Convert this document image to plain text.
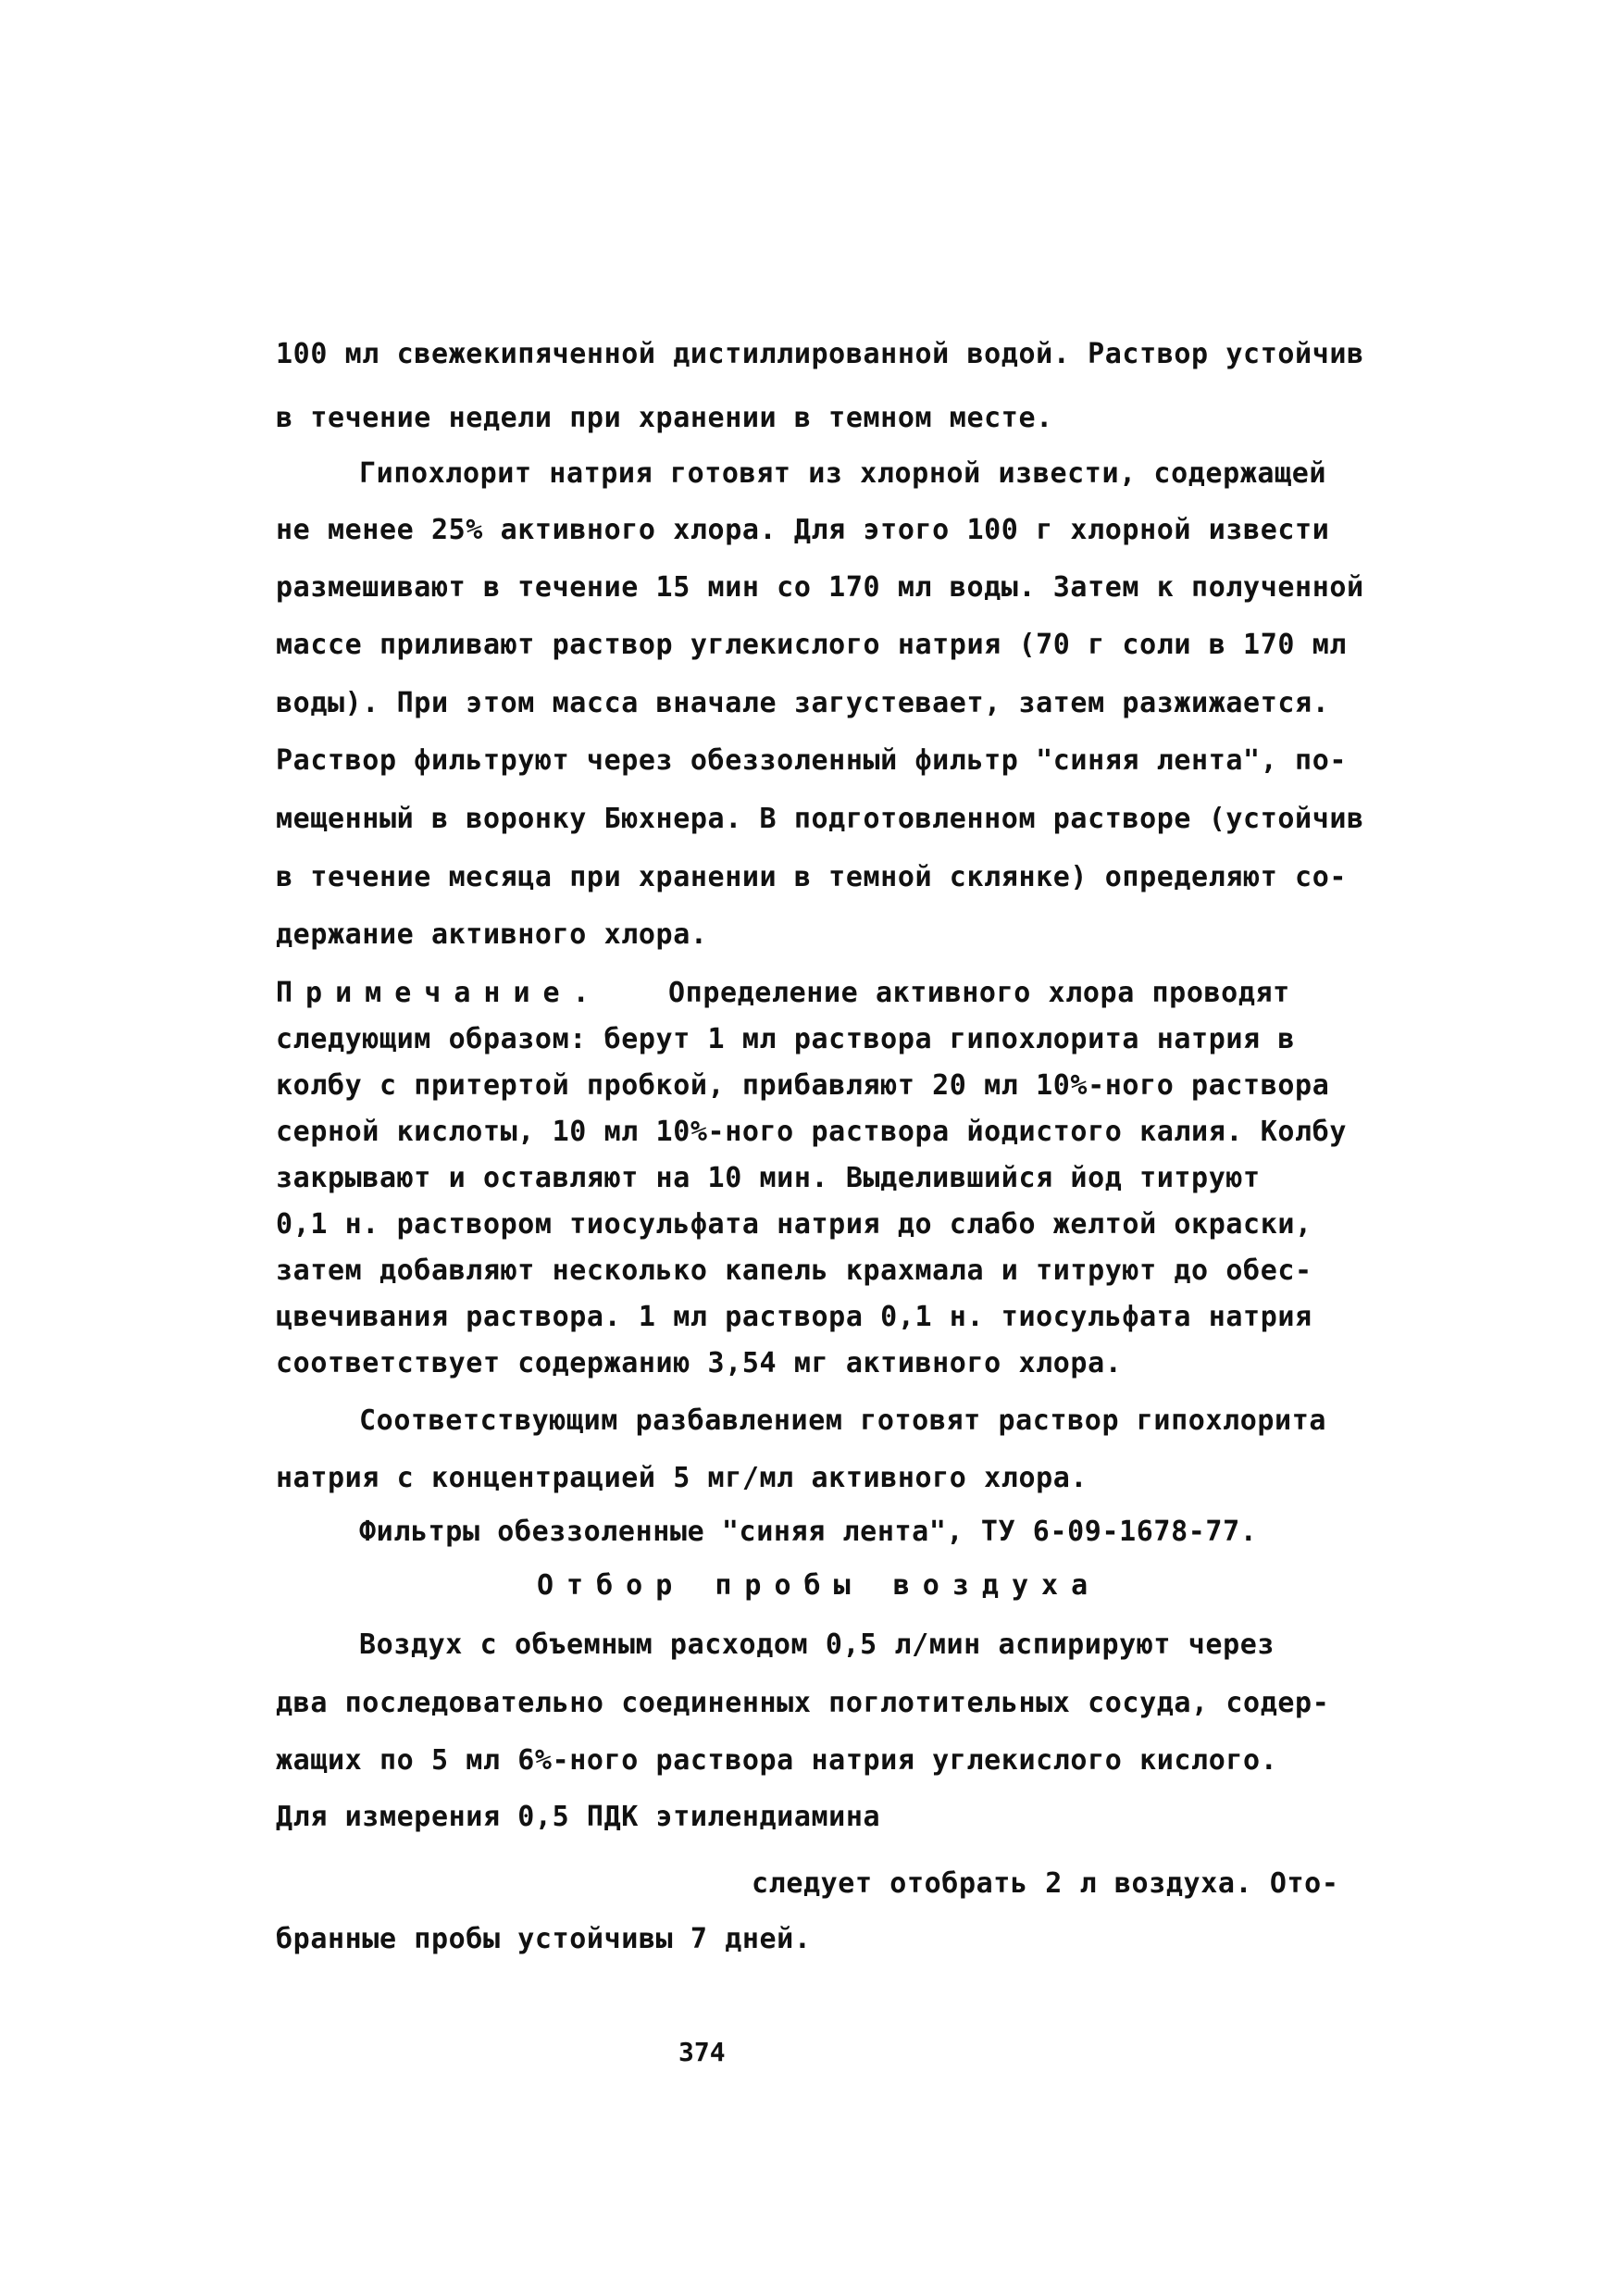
100 мл свежекипяченной дистиллированной водой. Раствор устойчив
в течение недели при хранении в темном месте.
Гипохлорит натрия готовят из хлорной извести, содержащей
не менее 25% активного хлора. Для этого 100 г хлорной извести
размешивают в течение 15 мин со 170 мл воды. Затем к полученной
массе приливают раствор углекислого натрия (70 г соли в 170 мл
воды). При этом масса вначале загустевает, затем разжижается.
Раствор фильтруют через обеззоленный фильтр "синяя лента", по-
мещенный в воронку Бюхнера. В подготовленном растворе (устойчив
в течение месяца при хранении в темной склянке) определяют со-
держание активного хлора.
Примечание. Определение активного хлора проводят
следующим образом: берут 1 мл раствора гипохлорита натрия в
колбу с притертой пробкой, прибавляют 20 мл 10%-ного раствора
серной кислоты, 10 мл 10%-ного раствора йодистого калия. Колбу
закрывают и оставляют на 10 мин. Выделившийся йод титруют
0,1 н. раствором тиосульфата натрия до слабо желтой окраски,
затем добавляют несколько капель крахмала и титруют до обес-
цвечивания раствора. 1 мл раствора 0,1 н. тиосульфата натрия
соответствует содержанию 3,54 мг активного хлора.
Соответствующим разбавлением готовят раствор гипохлорита
натрия с концентрацией 5 мг/мл активного хлора.
Фильтры обеззоленные "синяя лента", ТУ 6-09-1678-77.
Отбор пробы воздуха
Воздух с объемным расходом 0,5 л/мин аспирируют через
два последовательно соединенных поглотительных сосуда, содер-
жащих по 5 мл 6%-ного раствора натрия углекислого кислого.
Для измерения 0,5 ПДК этилендиамина
следует отобрать 2 л воздуха. Ото-
бранные пробы устойчивы 7 дней.
374
